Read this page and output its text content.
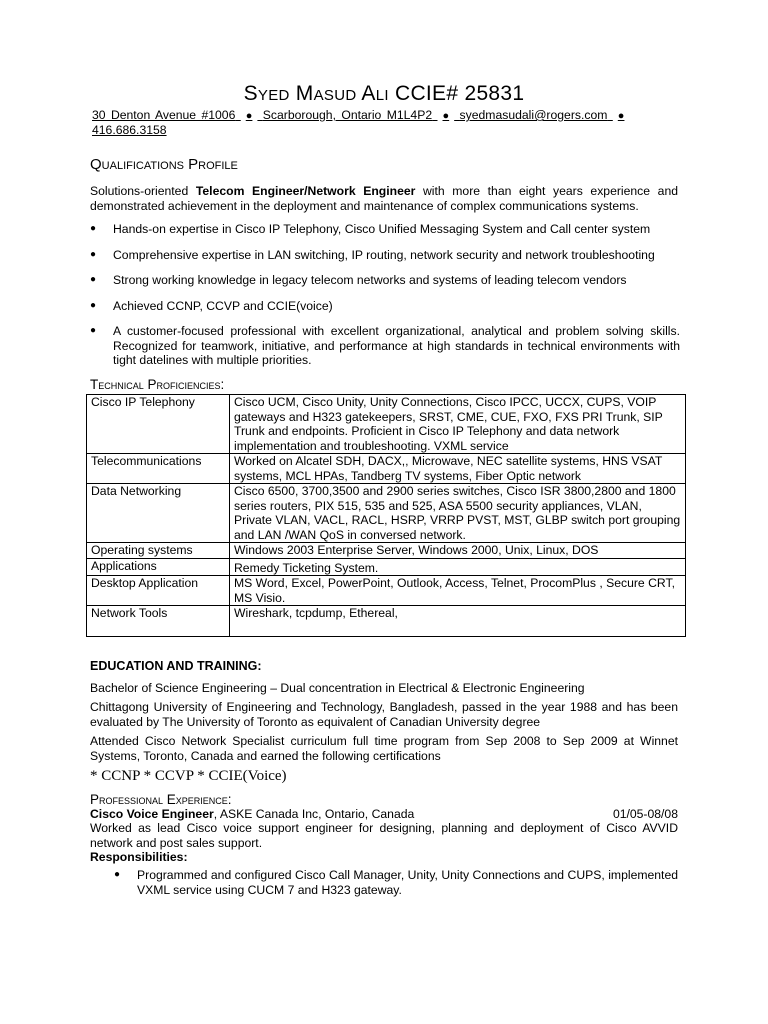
Syed Masud Ali CCIE# 25831
30 Denton Avenue #1006 ● Scarborough, Ontario M1L4P2 ● syedmasudali@rogers.com ● 416.686.3158
Qualifications Profile
Solutions-oriented Telecom Engineer/Network Engineer with more than eight years experience and demonstrated achievement in the deployment and maintenance of complex communications systems.
● Hands-on expertise in Cisco IP Telephony, Cisco Unified Messaging System and Call center system
● Comprehensive expertise in LAN switching, IP routing, network security and network troubleshooting
● Strong working knowledge in legacy telecom networks and systems of leading telecom vendors
● Achieved CCNP, CCVP and CCIE(voice)
● A customer-focused professional with excellent organizational, analytical and problem solving skills. Recognized for teamwork, initiative, and performance at high standards in technical environments with tight datelines with multiple priorities.
Technical Proficiencies:
Cisco IP Telephony	Cisco UCM, Cisco Unity, Unity Connections, Cisco IPCC, UCCX, CUPS, VOIP gateways and H323 gatekeepers, SRST, CME, CUE, FXO, FXS PRI Trunk, SIP Trunk and endpoints. Proficient in Cisco IP Telephony and data network implementation and troubleshooting. VXML service
Telecommunications	Worked on Alcatel SDH, DACX,, Microwave, NEC satellite systems, HNS VSAT systems, MCL HPAs, Tandberg TV systems, Fiber Optic network
Data Networking	Cisco 6500, 3700,3500 and 2900 series switches, Cisco ISR 3800,2800 and 1800 series routers, PIX 515, 535 and 525, ASA 5500 security appliances, VLAN, Private VLAN, VACL, RACL, HSRP, VRRP PVST, MST, GLBP switch port grouping and LAN /WAN QoS in conversed network.
Operating systems	Windows 2003 Enterprise Server, Windows 2000, Unix, Linux, DOS
Applications	Remedy Ticketing System.
Desktop Application	MS Word, Excel, PowerPoint, Outlook, Access, Telnet, ProcomPlus , Secure CRT, MS Visio.
Network Tools	Wireshark, tcpdump, Ethereal,
EDUCATION AND TRAINING:
Bachelor of Science Engineering – Dual concentration in Electrical & Electronic Engineering
Chittagong University of Engineering and Technology, Bangladesh, passed in the year 1988 and has been evaluated by The University of Toronto as equivalent of Canadian University degree
Attended Cisco Network Specialist curriculum full time program from Sep 2008 to Sep 2009 at Winnet Systems, Toronto, Canada and earned the following certifications
* CCNP * CCVP * CCIE(Voice)
Professional Experience:
Cisco Voice Engineer, ASKE Canada Inc, Ontario, Canada	01/05-08/08
Worked as lead Cisco voice support engineer for designing, planning and deployment of Cisco AVVID network and post sales support.
Responsibilities:
● Programmed and configured Cisco Call Manager, Unity, Unity Connections and CUPS, implemented VXML service using CUCM 7 and H323 gateway.
